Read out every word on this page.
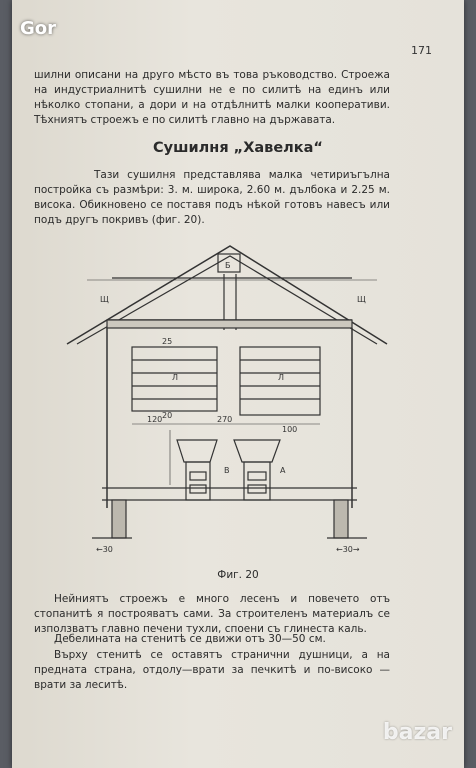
Gor
171

шилни описани на друго мѣсто въ това ръководство. Строежа на индустриалнитѣ сушилни не е по силитѣ на единъ или нѣколко стопани, а дори и на отдѣлнитѣ малки кооперативи. Тѣхниятъ строежъ е по силитѣ главно на държавата.

Сушилня „Хавелка“

Тази сушилня представлява малка четириъгълна постройка съ размѣри: 3. м. широка, 2.60 м. дълбока и 2.25 м. висока. Обикновено се поставя подъ нѣкой готовъ навесъ или подъ другъ покривъ (фиг. 20).

Б
Щ	Щ
В	А
270
120
100
25
20
Л	Л
←30	←30→

Фиг. 20

Нейниятъ строежъ е много лесенъ и повечето отъ стопанитѣ я построяватъ сами. За строителенъ материалъ се използватъ главно печени тухли, споени съ глинеста каль.

Дебелината на стенитѣ се движи отъ 30—50 см.

Върху стенитѣ се оставятъ странични душници, а на предната страна, отдолу—врати за печкитѣ и по-високо — врати за леситѣ.

bazar
